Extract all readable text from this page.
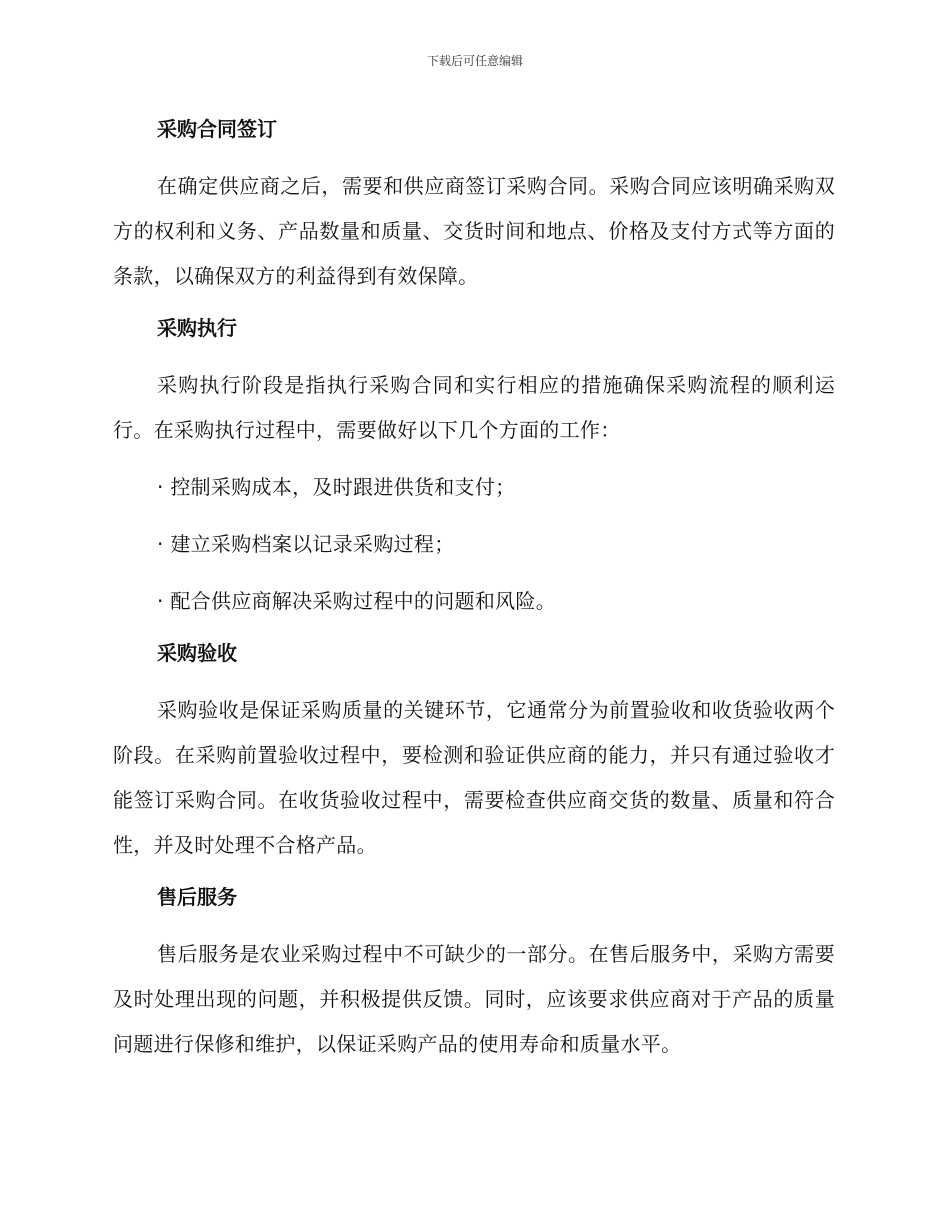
下载后可任意编辑
采购合同签订

在确定供应商之后，需要和供应商签订采购合同。采购合同应该明确采购双方的权利和义务、产品数量和质量、交货时间和地点、价格及支付方式等方面的条款，以确保双方的利益得到有效保障。

采购执行

采购执行阶段是指执行采购合同和实行相应的措施确保采购流程的顺利运行。在采购执行过程中，需要做好以下几个方面的工作：

· 控制采购成本，及时跟进供货和支付；

· 建立采购档案以记录采购过程；

· 配合供应商解决采购过程中的问题和风险。

采购验收

采购验收是保证采购质量的关键环节，它通常分为前置验收和收货验收两个阶段。在采购前置验收过程中，要检测和验证供应商的能力，并只有通过验收才能签订采购合同。在收货验收过程中，需要检查供应商交货的数量、质量和符合性，并及时处理不合格产品。

售后服务

售后服务是农业采购过程中不可缺少的一部分。在售后服务中，采购方需要及时处理出现的问题，并积极提供反馈。同时，应该要求供应商对于产品的质量问题进行保修和维护，以保证采购产品的使用寿命和质量水平。
